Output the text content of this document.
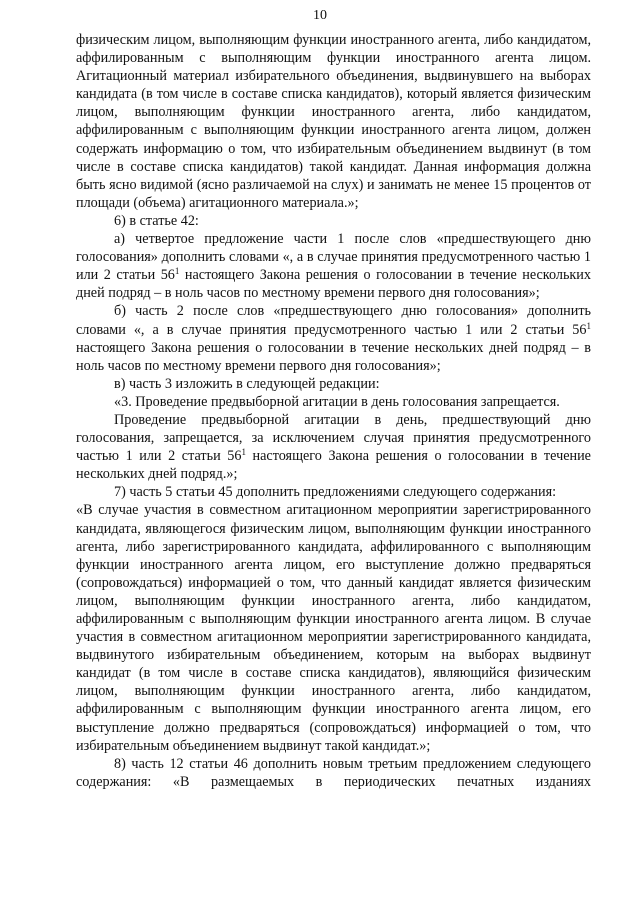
10

физическим лицом, выполняющим функции иностранного агента, либо кандидатом, аффилированным с выполняющим функции иностранного агента лицом. Агитационный материал избирательного объединения, выдвинувшего на выборах кандидата (в том числе в составе списка кандидатов), который является физическим лицом, выполняющим функции иностранного агента, либо кандидатом, аффилированным с выполняющим функции иностранного агента лицом, должен содержать информацию о том, что избирательным объединением выдвинут (в том числе в составе списка кандидатов) такой кандидат. Данная информация должна быть ясно видимой (ясно различаемой на слух) и занимать не менее 15 процентов от площади (объема) агитационного материала.»;

6) в статье 42:

а) четвертое предложение части 1 после слов «предшествующего дню голосования» дополнить словами «, а в случае принятия предусмотренного частью 1 или 2 статьи $56^1$ настоящего Закона решения о голосовании в течение нескольких дней подряд – в ноль часов по местному времени первого дня голосования»;

б) часть 2 после слов «предшествующего дню голосования» дополнить словами «, а в случае принятия предусмотренного частью 1 или 2 статьи $56^1$ настоящего Закона решения о голосовании в течение нескольких дней подряд – в ноль часов по местному времени первого дня голосования»;

в) часть 3 изложить в следующей редакции:

«3. Проведение предвыборной агитации в день голосования запрещается.

Проведение предвыборной агитации в день, предшествующий дню голосования, запрещается, за исключением случая принятия предусмотренного частью 1 или 2 статьи $56^1$ настоящего Закона решения о голосовании в течение нескольких дней подряд.»;

7) часть 5 статьи 45 дополнить предложениями следующего содержания:

«В случае участия в совместном агитационном мероприятии зарегистрированного кандидата, являющегося физическим лицом, выполняющим функции иностранного агента, либо зарегистрированного кандидата, аффилированного с выполняющим функции иностранного агента лицом, его выступление должно предваряться (сопровождаться) информацией о том, что данный кандидат является физическим лицом, выполняющим функции иностранного агента, либо кандидатом, аффилированным с выполняющим функции иностранного агента лицом. В случае участия в совместном агитационном мероприятии зарегистрированного кандидата, выдвинутого избирательным объединением, которым на выборах выдвинут кандидат (в том числе в составе списка кандидатов), являющийся физическим лицом, выполняющим функции иностранного агента, либо кандидатом, аффилированным с выполняющим функции иностранного агента лицом, его выступление должно предваряться (сопровождаться) информацией о том, что избирательным объединением выдвинут такой кандидат.»;

8) часть 12 статьи 46 дополнить новым третьим предложением следующего содержания: «В размещаемых в периодических печатных изданиях
